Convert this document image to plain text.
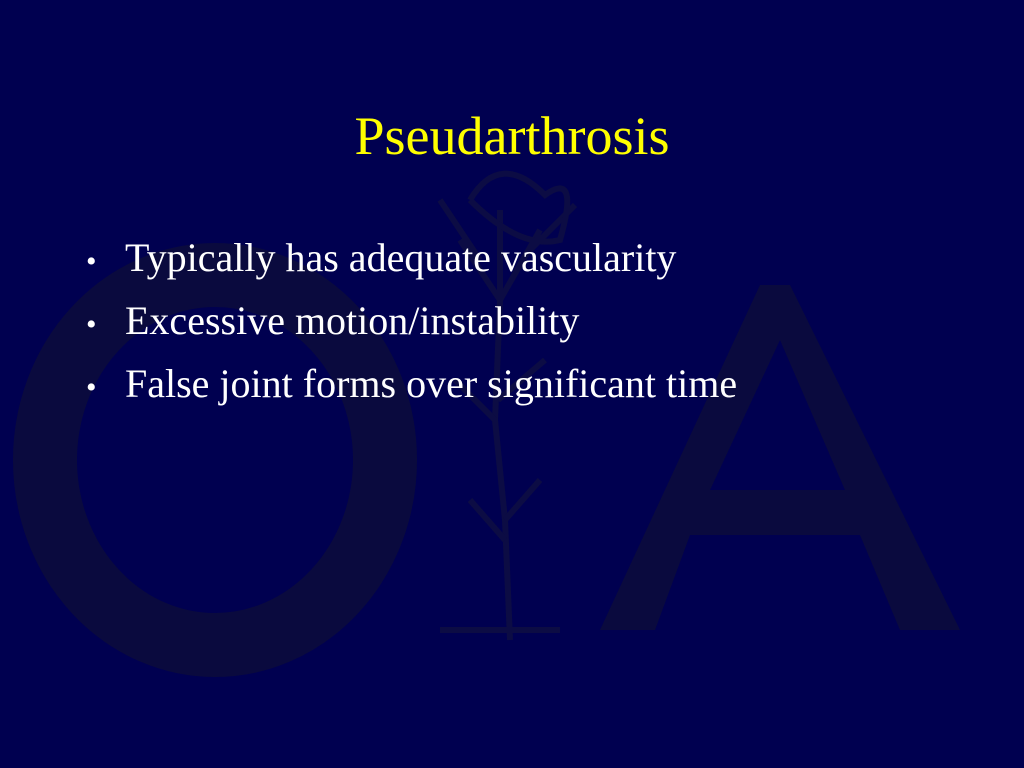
Pseudarthrosis
• Typically has adequate vascularity
• Excessive motion/instability
• False joint forms over significant time
